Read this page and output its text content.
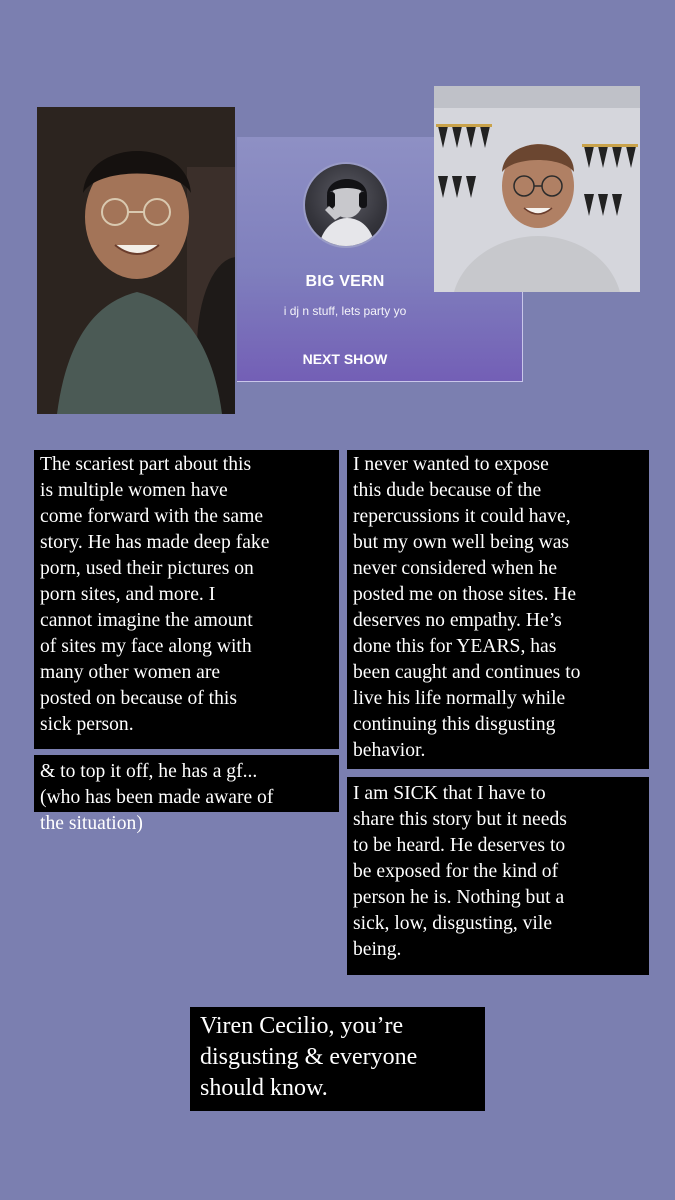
BIG VERN
i dj n stuff, lets party yo
NEXT SHOW
The scariest part about this
is multiple women have
come forward with the same
story. He has made deep fake
porn, used their pictures on
porn sites, and more. I
cannot imagine the amount
of sites my face along with
many other women are
posted on because of this
sick person.
I never wanted to expose
this dude because of the
repercussions it could have,
but my own well being was
never considered when he
posted me on those sites. He
deserves no empathy. He’s
done this for YEARS, has
been caught and continues to
live his life normally while
continuing this disgusting
behavior.
& to top it off, he has a gf...
(who has been made aware of
the situation)
I am SICK that I have to
share this story but it needs
to be heard. He deserves to
be exposed for the kind of
person he is. Nothing but a
sick, low, disgusting, vile
being.
Viren Cecilio, you’re
disgusting & everyone
should know.
